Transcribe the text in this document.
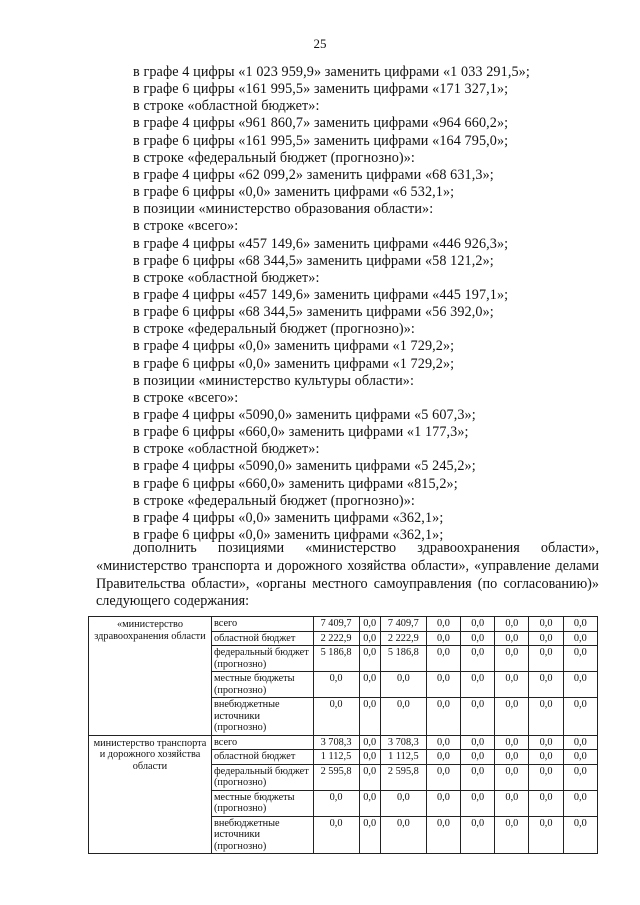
25
в графе 4 цифры «1 023 959,9» заменить цифрами «1 033 291,5»;
в графе 6 цифры «161 995,5» заменить цифрами «171 327,1»;
в строке «областной бюджет»:
в графе 4 цифры «961 860,7» заменить цифрами «964 660,2»;
в графе 6 цифры «161 995,5» заменить цифрами «164 795,0»;
в строке «федеральный бюджет (прогнозно)»:
в графе 4 цифры «62 099,2» заменить цифрами «68 631,3»;
в графе 6 цифры «0,0» заменить цифрами «6 532,1»;
в позиции «министерство образования области»:
в строке «всего»:
в графе 4 цифры «457 149,6» заменить цифрами «446 926,3»;
в графе 6 цифры «68 344,5» заменить цифрами «58 121,2»;
в строке «областной бюджет»:
в графе 4 цифры «457 149,6» заменить цифрами «445 197,1»;
в графе 6 цифры «68 344,5» заменить цифрами «56 392,0»;
в строке «федеральный бюджет (прогнозно)»:
в графе 4 цифры «0,0» заменить цифрами «1 729,2»;
в графе 6 цифры «0,0» заменить цифрами «1 729,2»;
в позиции «министерство культуры области»:
в строке «всего»:
в графе 4 цифры «5090,0» заменить цифрами «5 607,3»;
в графе 6 цифры «660,0» заменить цифрами «1 177,3»;
в строке «областной бюджет»:
в графе 4 цифры «5090,0» заменить цифрами «5 245,2»;
в графе 6 цифры «660,0» заменить цифрами «815,2»;
в строке «федеральный бюджет (прогнозно)»:
в графе 4 цифры «0,0» заменить цифрами «362,1»;
в графе 6 цифры «0,0» заменить цифрами «362,1»;
дополнить позициями «министерство здравоохранения области», «министерство транспорта и дорожного хозяйства области», «управление делами Правительства области», «органы местного самоуправления (по согласованию)» следующего содержания:
«министерство здравоохранения области	всего	7 409,7	0,0	7 409,7	0,0	0,0	0,0	0,0	0,0
	областной бюджет	2 222,9	0,0	2 222,9	0,0	0,0	0,0	0,0	0,0
	федеральный бюджет (прогнозно)	5 186,8	0,0	5 186,8	0,0	0,0	0,0	0,0	0,0
	местные бюджеты (прогнозно)	0,0	0,0	0,0	0,0	0,0	0,0	0,0	0,0
	внебюджетные источники (прогнозно)	0,0	0,0	0,0	0,0	0,0	0,0	0,0	0,0
министерство транспорта и дорожного хозяйства области	всего	3 708,3	0,0	3 708,3	0,0	0,0	0,0	0,0	0,0
	областной бюджет	1 112,5	0,0	1 112,5	0,0	0,0	0,0	0,0	0,0
	федеральный бюджет (прогнозно)	2 595,8	0,0	2 595,8	0,0	0,0	0,0	0,0	0,0
	местные бюджеты (прогнозно)	0,0	0,0	0,0	0,0	0,0	0,0	0,0	0,0
	внебюджетные источники (прогнозно)	0,0	0,0	0,0	0,0	0,0	0,0	0,0	0,0
